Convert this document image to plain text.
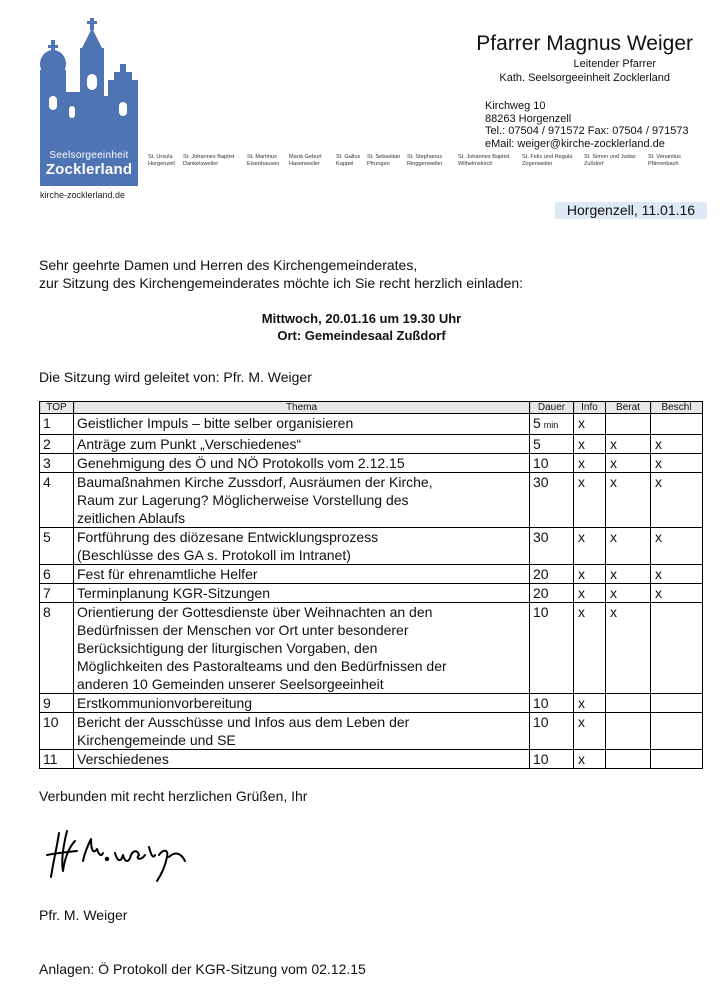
Seelsorgeeinheit
Zocklerland
kirche-zocklerland.de
St. Ursula
Horgenzell
St. Johannes Baptist
Danketsweiler
St. Martinus
Eisenhausen
Mariä Geburt
Hasenweiler
St. Gallus
Kappel
St. Sebastian
Pfrungen
St. Stephanus
Ringgenweiler
St. Johannes Baptist
Wilhelmskirch
St. Felix und Regula
Zogenweiler
St. Simon und Judas
Zußdorf
St. Venantius
Pfärrenbach
Pfarrer Magnus Weiger
Leitender Pfarrer
Kath. Seelsorgeeinheit Zocklerland
Kirchweg 10
88263 Horgenzell
Tel.: 07504 / 971572 Fax: 07504 / 971573
eMail: weiger@kirche-zocklerland.de
Horgenzell, 11.01.16
Sehr geehrte Damen und Herren des Kirchengemeinderates,
zur Sitzung des Kirchengemeinderates möchte ich Sie recht herzlich einladen:
Mittwoch, 20.01.16 um 19.30 Uhr
Ort: Gemeindesaal Zußdorf
Die Sitzung wird geleitet von: Pfr. M. Weiger
TOP	Thema	Dauer	Info	Berat	Beschl
1	Geistlicher Impuls – bitte selber organisieren	5 min	x		
2	Anträge zum Punkt „Verschiedenes“	5	x	x	x
3	Genehmigung des Ö und NÖ Protokolls vom 2.12.15	10	x	x	x
4	Baumaßnahmen Kirche Zussdorf, Ausräumen der Kirche,
Raum zur Lagerung? Möglicherweise Vorstellung des
zeitlichen Ablaufs	30	x	x	x
5	Fortführung des diözesane Entwicklungsprozess
(Beschlüsse des GA s. Protokoll im Intranet)	30	x	x	x
6	Fest für ehrenamtliche Helfer	20	x	x	x
7	Terminplanung KGR-Sitzungen	20	x	x	x
8	Orientierung der Gottesdienste über Weihnachten an den
Bedürfnissen der Menschen vor Ort unter besonderer
Berücksichtigung der liturgischen Vorgaben, den
Möglichkeiten des Pastoralteams und den Bedürfnissen der
anderen 10 Gemeinden unserer Seelsorgeeinheit	10	x	x	
9	Erstkommunionvorbereitung	10	x		
10	Bericht der Ausschüsse und Infos aus dem Leben der
Kirchengemeinde und SE	10	x		
11	Verschiedenes	10	x		
Verbunden mit recht herzlichen Grüßen, Ihr
Pfr. M. Weiger
Anlagen: Ö Protokoll der KGR-Sitzung vom 02.12.15
